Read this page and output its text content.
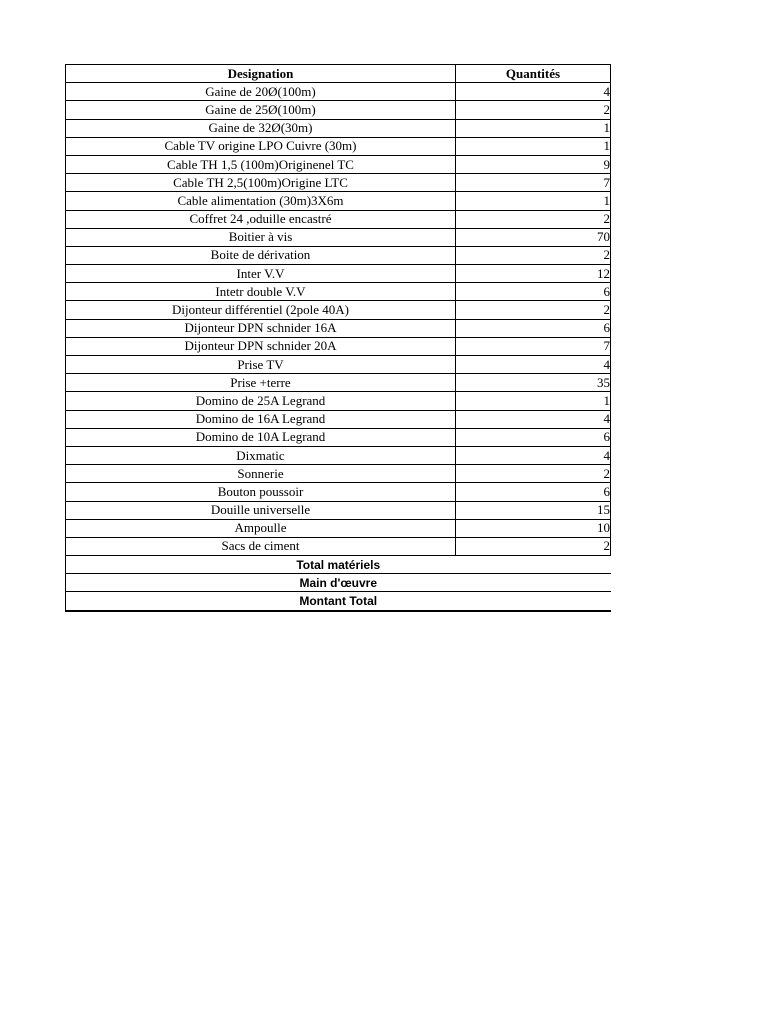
Designation	Quantités
Gaine de 20Ø(100m)	4
Gaine de 25Ø(100m)	2
Gaine de 32Ø(30m)	1
Cable TV origine LPO Cuivre (30m)	1
Cable TH 1,5 (100m)Originenel TC	9
Cable TH 2,5(100m)Origine LTC	7
Cable alimentation (30m)3X6m	1
Coffret 24 ,oduille encastré	2
Boitier à vis	70
Boite de dérivation	2
Inter V.V	12
Intetr double V.V	6
Dijonteur différentiel (2pole 40A)	2
Dijonteur DPN schnider 16A	6
Dijonteur DPN schnider 20A	7
Prise TV	4
Prise +terre	35
Domino de 25A Legrand	1
Domino de 16A Legrand	4
Domino de 10A Legrand	6
Dixmatic	4
Sonnerie	2
Bouton poussoir	6
Douille universelle	15
Ampoulle	10
Sacs de ciment	2
Total matériels	
Main d'œuvre	
Montant Total	
